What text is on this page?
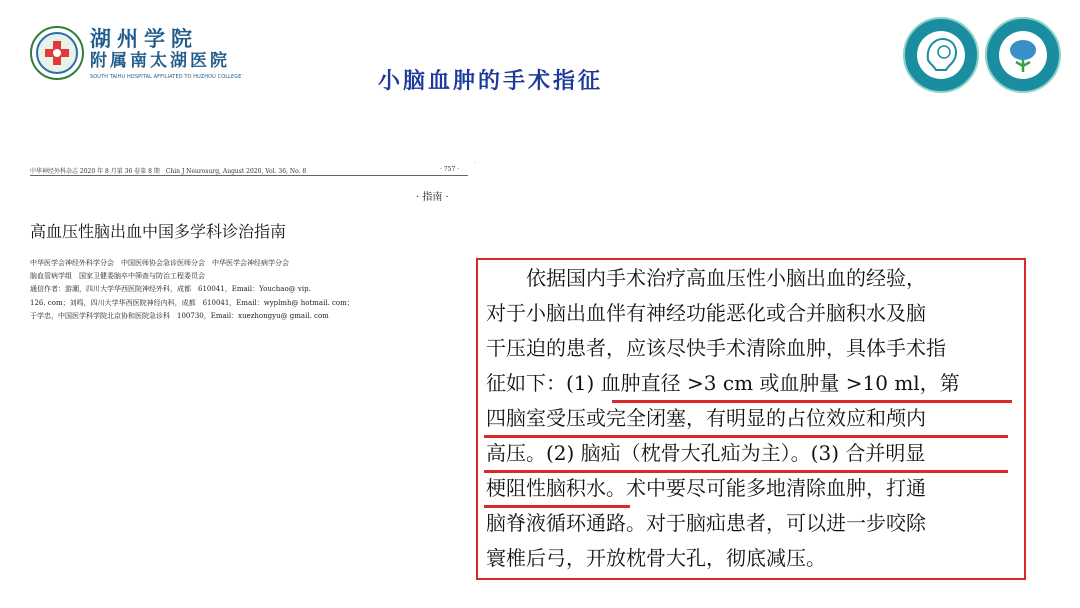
湖州学院
附属南太湖医院
SOUTH TAIHU HOSPITAL AFFILIATED TO HUZHOU COLLEGE	小脑血肿的手术指征
中华神经外科杂志 2020 年 8 月第 36 卷第 8 期　Chin J Neurosurg, August 2020, Vol. 36, No. 8	· 757 ·
·
· 指南 ·
高血压性脑出血中国多学科诊治指南
中华医学会神经外科学分会　中国医师协会急诊医师分会　中华医学会神经病学分会
脑血管病学组　国家卫健委脑卒中筛查与防治工程委员会
通信作者：游潮，四川大学华西医院神经外科，成都　610041，Email：Youchao@ vip.
126. com；刘鸣，四川大学华西医院神经内科，成都　610041，Email：wyplmh@ hotmail. com；
于学忠，中国医学科学院北京协和医院急诊科　100730，Email：xuezhongyu@ gmail. com
　　依据国内手术治疗高血压性小脑出血的经验，
对于小脑出血伴有神经功能恶化或合并脑积水及脑
干压迫的患者，应该尽快手术清除血肿，具体手术指
征如下：(1) 血肿直径 >3 cm 或血肿量 >10 ml，第
四脑室受压或完全闭塞，有明显的占位效应和颅内
高压。(2) 脑疝（枕骨大孔疝为主）。(3) 合并明显
梗阻性脑积水。术中要尽可能多地清除血肿，打通
脑脊液循环通路。对于脑疝患者，可以进一步咬除
寰椎后弓，开放枕骨大孔，彻底减压。
